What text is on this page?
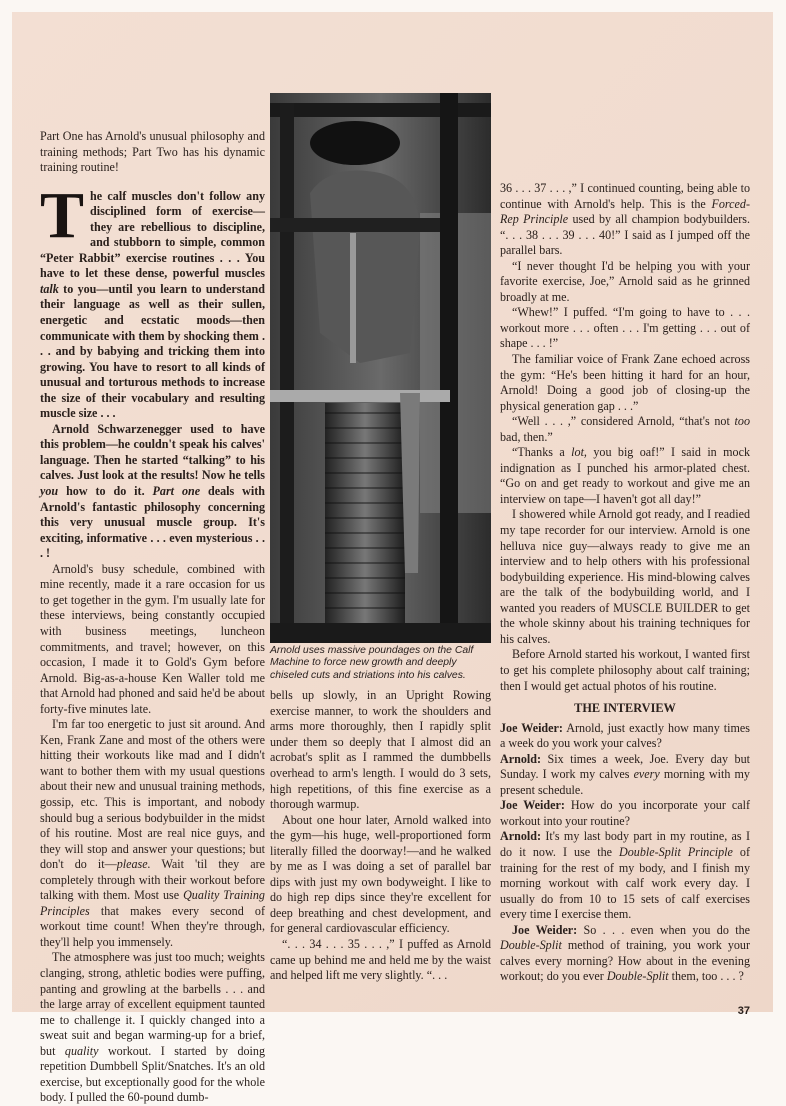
Part One has Arnold's unusual philosophy and training methods; Part Two has his dynamic training routine!

The calf muscles don't follow any disciplined form of exercise—they are rebellious to discipline, and stubborn to simple, common “Peter Rabbit” exercise routines . . . You have to let these dense, powerful muscles talk to you—until you learn to understand their language as well as their sullen, energetic and ecstatic moods—then communicate with them by shocking them . . . and by babying and tricking them into growing. You have to resort to all kinds of unusual and torturous methods to increase the size of their vocabulary and resulting muscle size . . .

Arnold Schwarzenegger used to have this problem—he couldn't speak his calves' language. Then he started “talking” to his calves. Just look at the results! Now he tells you how to do it. Part one deals with Arnold's fantastic philosophy concerning this very unusual muscle group. It's exciting, informative . . . even mysterious . . . !

Arnold's busy schedule, combined with mine recently, made it a rare occasion for us to get together in the gym. I'm usually late for these interviews, being constantly occupied with business meetings, luncheon commitments, and travel; however, on this occasion, I made it to Gold's Gym before Arnold. Big-as-a-house Ken Waller told me that Arnold had phoned and said he'd be about forty-five minutes late.

I'm far too energetic to just sit around. And Ken, Frank Zane and most of the others were hitting their workouts like mad and I didn't want to bother them with my usual questions about their new and unusual training methods, gossip, etc. This is important, and nobody should bug a serious bodybuilder in the midst of his routine. Most are real nice guys, and they will stop and answer your questions; but don't do it—please. Wait 'til they are completely through with their workout before talking with them. Most use Quality Training Principles that makes every second of workout time count! When they're through, they'll help you immensely.

The atmosphere was just too much; weights clanging, strong, athletic bodies were puffing, panting and growling at the barbells . . . and the large array of excellent equipment taunted me to challenge it. I quickly changed into a sweat suit and began warming-up for a brief, but quality workout. I started by doing repetition Dumbbell Split/Snatches. It's an old exercise, but exceptionally good for the whole body. I pulled the 60-pound dumb-

Arnold uses massive poundages on the Calf Machine to force new growth and deeply chiseled cuts and striations into his calves.

bells up slowly, in an Upright Rowing exercise manner, to work the shoulders and arms more thoroughly, then I rapidly split under them so deeply that I almost did an acrobat's split as I rammed the dumbbells overhead to arm's length. I would do 3 sets, high repetitions, of this fine exercise as a thorough warmup.

About one hour later, Arnold walked into the gym—his huge, well-proportioned form literally filled the doorway!—and he walked by me as I was doing a set of parallel bar dips with just my own bodyweight. I like to do high rep dips since they're excellent for deep breathing and chest development, and for general cardiovascular efficiency.

“. . . 34 . . . 35 . . . ,” I puffed as Arnold came up behind me and held me by the waist and helped lift me very slightly. “. . .

36 . . . 37 . . . ,” I continued counting, being able to continue with Arnold's help. This is the Forced-Rep Principle used by all champion bodybuilders. “. . . 38 . . . 39 . . . 40!” I said as I jumped off the parallel bars.

“I never thought I'd be helping you with your favorite exercise, Joe,” Arnold said as he grinned broadly at me.

“Whew!” I puffed. “I'm going to have to . . . workout more . . . often . . . I'm getting . . . out of shape . . . !”

The familiar voice of Frank Zane echoed across the gym: “He's been hitting it hard for an hour, Arnold! Doing a good job of closing-up the physical generation gap . . .”

“Well . . . ,” considered Arnold, “that's not too bad, then.”

“Thanks a lot, you big oaf!” I said in mock indignation as I punched his armor-plated chest. “Go on and get ready to workout and give me an interview on tape—I haven't got all day!”

I showered while Arnold got ready, and I readied my tape recorder for our interview. Arnold is one helluva nice guy—always ready to give me an interview and to help others with his professional bodybuilding experience. His mind-blowing calves are the talk of the bodybuilding world, and I wanted you readers of MUSCLE BUILDER to get the whole skinny about his training techniques for his calves.

Before Arnold started his workout, I wanted first to get his complete philosophy about calf training; then I would get actual photos of his routine.

THE INTERVIEW

Joe Weider: Arnold, just exactly how many times a week do you work your calves?

Arnold: Six times a week, Joe. Every day but Sunday. I work my calves every morning with my present schedule.

Joe Weider: How do you incorporate your calf workout into your routine?

Arnold: It's my last body part in my routine, as I do it now. I use the Double-Split Principle of training for the rest of my body, and I finish my morning workout with calf work every day. I usually do from 10 to 15 sets of calf exercises every time I exercise them.

Joe Weider: So . . . even when you do the Double-Split method of training, you work your calves every morning? How about in the evening workout; do you ever Double-Split them, too . . . ?

37
